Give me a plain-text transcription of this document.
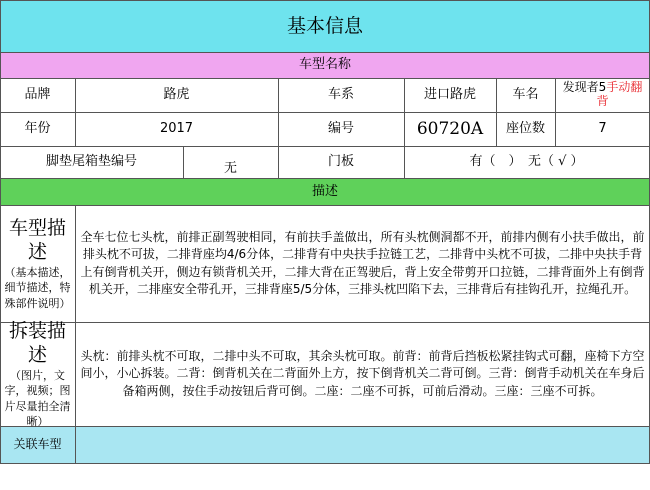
基本信息
车型名称
品牌	路虎	车系	进口路虎	车名	发现者5手动翻背
年份	2017	编号	60720A	座位数	7
脚垫尾箱垫编号	无	门板	有（　）　无（ √ ）
描述
车型描述
（基本描述，细节描述，特殊部件说明）
全车七位七头枕，前排正副驾驶相同，有前扶手盖做出，所有头枕侧洞都不开，前排内侧有小扶手做出，前排头枕不可拔，二排背座均4/6分体，二排背有中央扶手拉链工艺，二排背中头枕不可拔，二排中央扶手背上有倒背机关开，侧边有锁背机关开，二排大背在正驾驶后，背上安全带剪开口拉链，二排背面外上有倒背机关开，二排座安全带孔开，三排背座5/5分体，三排头枕凹陷下去，三排背后有挂钩孔开，拉绳孔开。
拆装描述
（图片，文字，视频；图片尽量拍全清晰）
头枕：前排头枕不可取，二排中头不可取，其余头枕可取。前背：前背后挡板松紧挂钩式可翻，座椅下方空间小，小心拆装。二背：倒背机关在二背面外上方，按下倒背机关二背可倒。三背：倒背手动机关在车身后备箱两侧，按住手动按钮后背可倒。二座：二座不可拆，可前后滑动。三座：三座不可拆。
关联车型
